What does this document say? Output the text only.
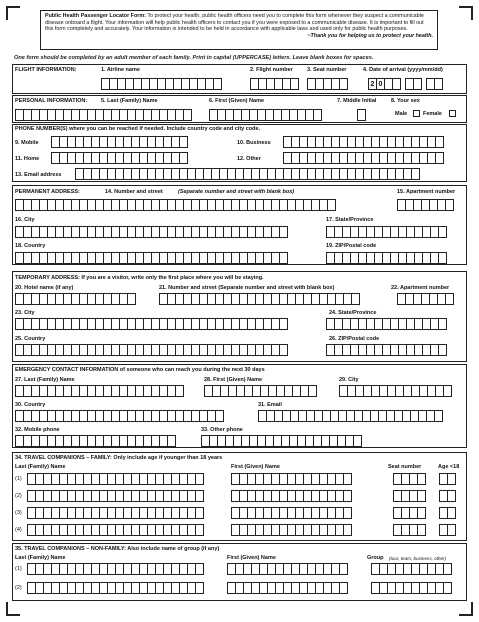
Public Health Passenger Locator Form: To protect your health, public health officers need you to complete this form whenever they suspect a communicable disease onboard a flight. Your information will help public health officers to contact you if you were exposed to a communicable disease. It is important to fill out this form completely and accurately. Your information is intended to be held in accordance with applicable laws and used only for public health purposes.
~Thank you for helping us to protect your health.
One form should be completed by an adult member of each family. Print in capital (UPPERCASE) letters. Leave blank boxes for spaces.
FLIGHT INFORMATION:	1. Airline name	2. Flight number	3. Seat number	4. Date of arrival (yyyy/mm/dd)
2 0
PERSONAL INFORMATION:	5. Last (Family) Name	6. First (Given) Name	7. Middle Initial	8. Your sex
Male	Female
PHONE NUMBER(S) where you can be reached if needed. Include country code and city code.
9. Mobile	10. Business
11. Home	12. Other
13. Email address
PERMANENT ADDRESS:	14. Number and street	(Separate number and street with blank box)	15. Apartment number
16. City	17. State/Province
18. Country	19. ZIP/Postal code
TEMPORARY ADDRESS: If you are a visitor, write only the first place where you will be staying.
20. Hotel name (if any)	21. Number and street (Separate number and street with blank box)	22. Apartment number
23. City	24. State/Province
25. Country	26. ZIP/Postal code
EMERGENCY CONTACT INFORMATION of someone who can reach you during the next 30 days
27. Last (Family) Name	28. First (Given) Name	29. City
30. Country	31. Email
32. Mobile phone	33. Other phone
34. TRAVEL COMPANIONS – FAMILY: Only include age if younger than 18 years
Last (Family) Name	First (Given) Name	Seat number	Age <18
(1)
(2)
(3)
(4)
35. TRAVEL COMPANIONS – NON-FAMILY: Also include name of group (if any)
Last (Family) Name	First (Given) Name	Group (tour, team, business, other)
(1)
(2)
